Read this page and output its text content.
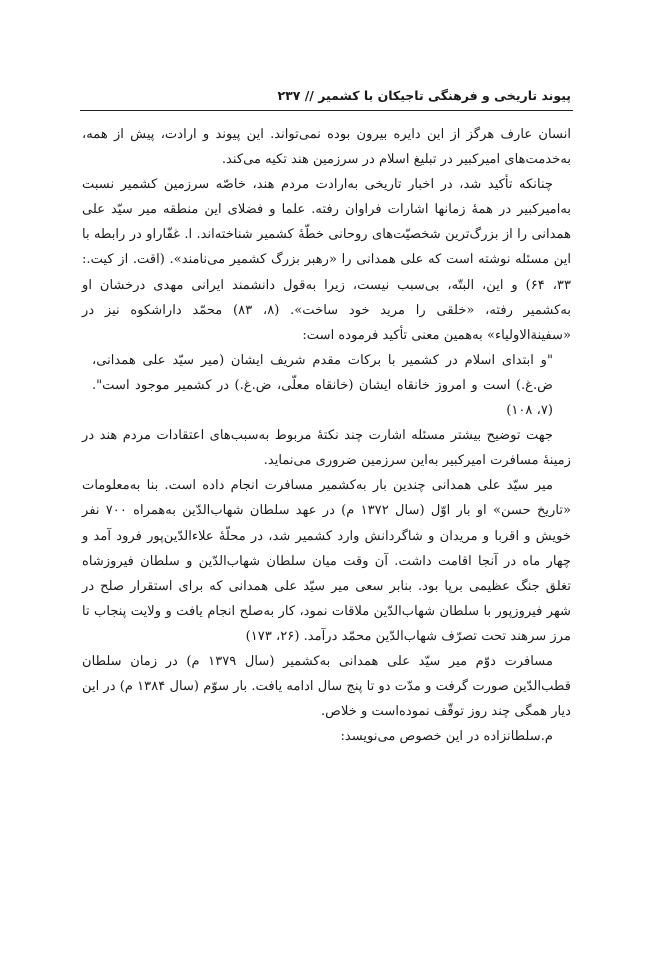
پیوند تاریخی و فرهنگی تاجیکان با کشمیر // ۲۳۷

انسان عارف هرگز از این دایره بیرون بوده نمی‌تواند. این پیوند و ارادت، پیش از همه، به‌خدمت‌های امیرکبیر در تبلیغ اسلام در سرزمین هند تکیه می‌کند.

چنانکه تأکید شد، در اخبار تاریخی به‌ارادت مردم هند، خاصّه سرزمین کشمیر نسبت به‌امیرکبیر در همهٔ زمانها اشارات فراوان رفته. علما و فضلای این منطقه میر سیّد علی همدانی را از بزرگ‌ترین شخصیّت‌های روحانی خطّهٔ کشمیر شناخته‌اند. ا. غفّاراو در رابطه با این مسئله نوشته است که علی همدانی را «رهبر بزرگ کشمیر می‌نامند». (اقت. از کیت.: ۳۳، ۶۴) و این، البتّه، بی‌سبب نیست، زیرا به‌قول دانشمند ایرانی مهدی درخشان او به‌کشمیر رفته، «خلقی را مرید خود ساخت». (۸، ۸۳) محمّد داراشکوه نیز در «سفینةالاولیاء» به‌همین معنی تأکید فرموده است:

"و ابتدای اسلام در کشمیر با برکات مقدم شریف ایشان (میر سیّد علی همدانی، ض.غ.) است و امروز خانقاه ایشان (خانقاه معلّی، ض.غ.) در کشمیر موجود است". (۷، ۱۰۸)

جهت توضیح بیشتر مسئله اشارت چند نکتهٔ مربوط به‌سبب‌های اعتقادات مردم هند در زمینهٔ مسافرت امیرکبیر به‌این سرزمین ضروری می‌نماید.

میر سیّد علی همدانی چندین بار به‌کشمیر مسافرت انجام داده است. بنا به‌معلومات «تاریخ حسن» او بار اوّل (سال ۱۳۷۲ م) در عهد سلطان شهاب‌الدّین به‌همراه ۷۰۰ نفر خویش و اقربا و مریدان و شاگردانش وارد کشمیر شد، در محلّهٔ علاءالدّین‌پور فرود آمد و چهار ماه در آنجا اقامت داشت. آن وقت میان سلطان شهاب‌الدّین و سلطان فیروزشاه تغلق جنگ عظیمی برپا بود. بنابر سعی میر سیّد علی همدانی که برای استقرار صلح در شهر فیروزپور با سلطان شهاب‌الدّین ملاقات نمود، کار به‌صلح انجام یافت و ولایت پنجاب تا مرز سرهند تحت تصرّف شهاب‌الدّین محمّد درآمد. (۲۶، ۱۷۳)

مسافرت دوّم میر سیّد علی همدانی به‌کشمیر (سال ۱۳۷۹ م) در زمان سلطان قطب‌الدّین صورت گرفت و مدّت دو تا پنج سال ادامه یافت. بار سوّم (سال ۱۳۸۴ م) در این دیار همگی چند روز توقّف نموده‌است و خلاص.

م.سلطانزاده در این خصوص می‌نویسد:
